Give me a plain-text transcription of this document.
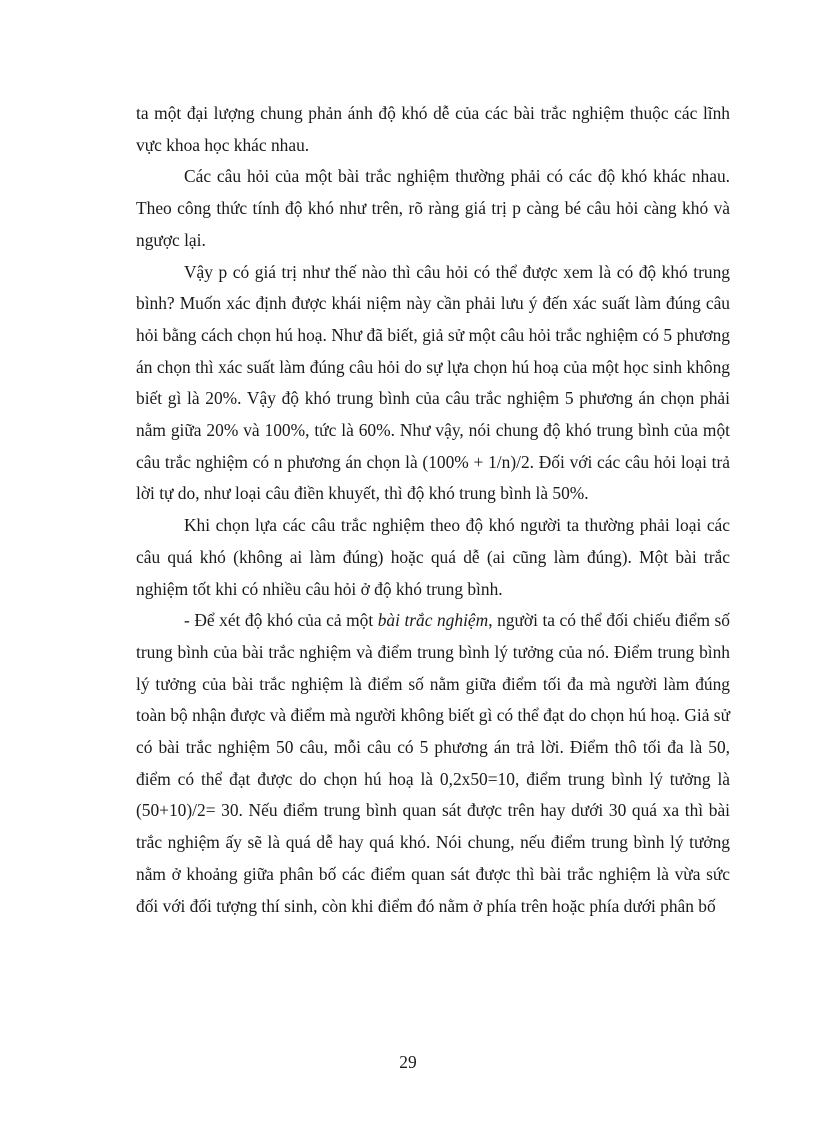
ta một đại lượng chung phản ánh độ khó dễ của các bài trắc nghiệm thuộc các lĩnh vực khoa học khác nhau.

Các câu hỏi của một bài trắc nghiệm thường phải có các độ khó khác nhau. Theo công thức tính độ khó như trên, rõ ràng giá trị p càng bé câu hỏi càng khó và ngược lại.

Vậy p có giá trị như thế nào thì câu hỏi có thể được xem là có độ khó trung bình? Muốn xác định được khái niệm này cần phải lưu ý đến xác suất làm đúng câu hỏi bằng cách chọn hú hoạ. Như đã biết, giả sử một câu hỏi trắc nghiệm có 5 phương án chọn thì xác suất làm đúng câu hỏi do sự lựa chọn hú hoạ của một học sinh không biết gì là 20%. Vậy độ khó trung bình của câu trắc nghiệm 5 phương án chọn phải nằm giữa 20% và 100%, tức là 60%. Như vậy, nói chung độ khó trung bình của một câu trắc nghiệm có n phương án chọn là (100% + 1/n)/2. Đối với các câu hỏi loại trả lời tự do, như loại câu điền khuyết, thì độ khó trung bình là 50%.

Khi chọn lựa các câu trắc nghiệm theo độ khó người ta thường phải loại các câu quá khó (không ai làm đúng) hoặc quá dễ (ai cũng làm đúng). Một bài trắc nghiệm tốt khi có nhiều câu hỏi ở độ khó trung bình.

- Để xét độ khó của cả một bài trắc nghiệm, người ta có thể đối chiếu điểm số trung bình của bài trắc nghiệm và điểm trung bình lý tưởng của nó. Điểm trung bình lý tưởng của bài trắc nghiệm là điểm số nằm giữa điểm tối đa mà người làm đúng toàn bộ nhận được và điểm mà người không biết gì có thể đạt do chọn hú hoạ. Giả sử có bài trắc nghiệm 50 câu, mỗi câu có 5 phương án trả lời. Điểm thô tối đa là 50, điểm có thể đạt được do chọn hú hoạ là 0,2x50=10, điểm trung bình lý tưởng là (50+10)/2= 30. Nếu điểm trung bình quan sát được trên hay dưới 30 quá xa thì bài trắc nghiệm ấy sẽ là quá dễ hay quá khó. Nói chung, nếu điểm trung bình lý tưởng nằm ở khoảng giữa phân bố các điểm quan sát được thì bài trắc nghiệm là vừa sức đối với đối tượng thí sinh, còn khi điểm đó nằm ở phía trên hoặc phía dưới phân bố

29
